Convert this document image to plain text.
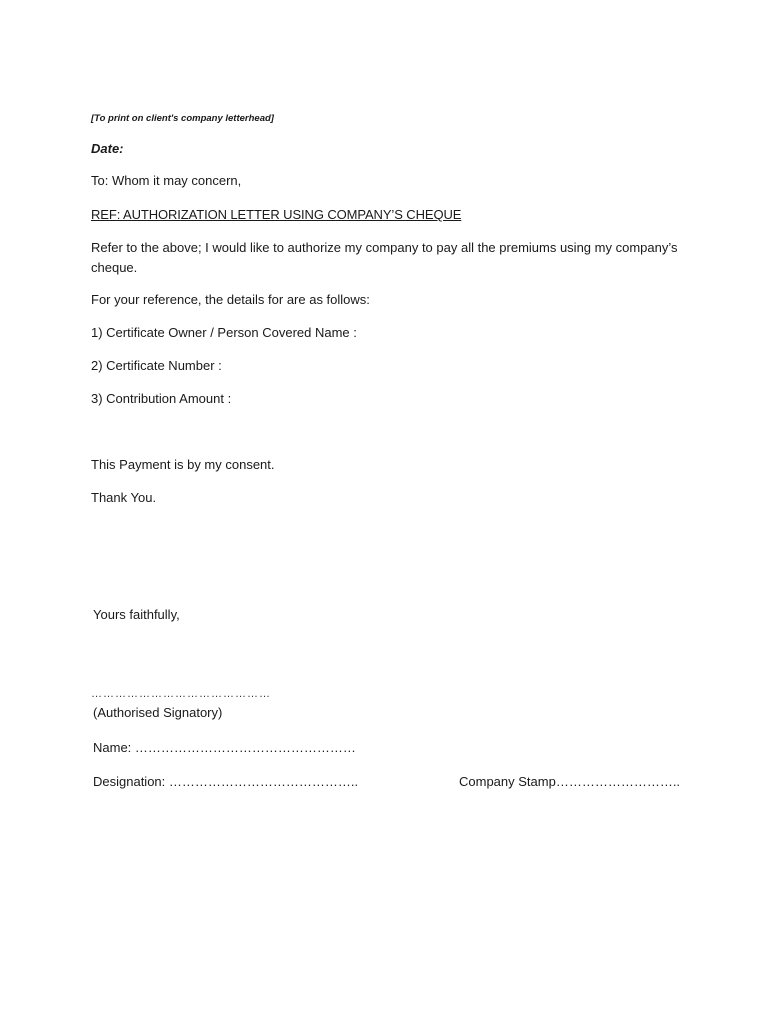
[To print on client's company letterhead]
Date:
To: Whom it may concern,
REF: AUTHORIZATION LETTER USING COMPANY’S CHEQUE
Refer to the above; I would like to authorize my company to pay all the premiums using my company’s cheque.
For your reference, the details for are as follows:
1) Certificate Owner / Person Covered Name :
2) Certificate Number :
3) Contribution Amount :
This Payment is by my consent.
Thank You.
Yours faithfully,
………………………………………
(Authorised Signatory)
Name: ……………………………………………
Designation: ……………………………………..	Company Stamp………………………..
